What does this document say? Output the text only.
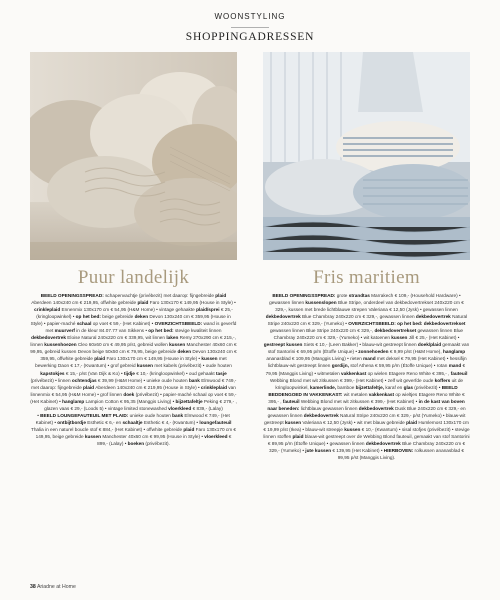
WOONSTYLING
SHOPPINGADRESSEN
Puur landelijk

BEELD OPENINGSSPREAD: schapenvachtje (privébezit) met daarop: fijngebreide plaid Aberdeen 140x240 cm € 219,95, offwhite gebreide plaid Faro 130x170 € 149,95 (House in Style) • crinkleplaid Ennenmix 130x170 cm € 54,95 (H&M Home) • vintage gehaakte plaid/sprei € 25,- (kringloopwinkel) • op het bed: beige gebreide deken Devon 130x240 cm € 359,95 (House in Style) • papier-maché schaal op voet € 59,- (Het Kabinet) • OVERZICHTSBEELD: wand is geverfd met muurverf in de kleur 84.07.77 van Sikkens • op het bed: stevige kwaliteit linnen dekbedovertrek Eloise Natural 240x220 cm € 339,95, wit linnen laken Remy 270x290 cm € 215,-, linnen kussenhoezen Cleo 60x60 cm € 49,95 p/st, gebreid wollen kussen Manchester 40x60 cm € 99,95, gebreid kussen Devon beige 50x50 cm € 79,95, beige gebreide deken Devon 130x240 cm € 359,95, offwhite gebreide plaid Faro 130x170 cm € 149,95 (House in Style) • kussen met bewerking Daon € 17,- (Kwantum) • grof gebreid kussen met kabels (privébezit) • oude houten kapstokjes € 15,- p/st (Van Dijk & Ko) • tijdje € 10,- (kringloopwinkel) • oud gehaakt tasje (privébezit) • linnen ochtendjas € 39,99 (H&M Home) • unieke oude houten bank Elmwood € 749,- met daarop: fijngebreide plaid Aberdeen 140x240 cm € 219,95 (House in Style) • crinkleplaid van linnenmix € 54,95 (H&M Home) • grof linnen doek (privébezit) • papier-maché schaal op voet € 59,- (Het Kabinet) • hanglamp Lampion Cotton € 95,35 (Manggis Living) • bijzettafeltje Peking € 279,- , glazen vaas € 29,- (Loods 5) • vintage limited stonewashed vloerkleed € 839,- (Lalay)

• BEELD LOUNGEFAUTEUIL MET PLAID: unieke oude houten bank Elmwood € 749,- (Het Kabinet) • ontbijtbordje Esthetic € 6,- en schaaltje Esthetic € 4,- (Kwantum) • loungefauteuil Thalia in een naturel boucle stof € 884,- (Het Kabinet) • offwhite gebreide plaid Faro 130x170 cm € 149,95, beige gebreide kussen Manchester 40x60 cm € 99,95 (House in Style) • vloerkleed € 899,- (Lalay) • boeken (privébezit).

Fris maritiem

BEELD OPENINGSSPREAD: grote strandtas Marrakech € 109,- (Household Hardware) • gewassen linnen kussenslopen Blue Stripe, onderdeel van dekbedovertrekset 240x220 cm € 329,-, kussen met brede lichtblauwe strepen Valeriana € 12,50 (Jysk) • gewassen linnen dekbedovertrek Blue Chambray 240x220 cm € 329,-, gewassen linnen dekbedovertrek Natural Stripe 240x220 cm € 329,- (Yumeko) • OVERZICHTSBEELD: op het bed: dekbedovertrekset gewassen linnen Blue Stripe 240x220 cm € 329,-, dekbedovertrekset gewassen linnen Blue Chambray 240x220 cm € 329,- (Yumeko) • wit katoenen kussen Jill € 25,- (Het Kabinet) • gestreept kussen Siets € 10,- (Leen Bakker) • blauw-wit gestreept linnen doek/plaid gemaakt van stof Santorini € 69,95 p/m (Étoffe Unique) • zonnehoeden € 9,99 p/st (H&M Home), hanglamp ananasblad € 109,95 (Manggis Living) • rieten mand met deksel € 79,95 (Het Kabinet) • hessifijn lichtblauw-wit gestreept linnen gordijn, stof Athena € 59,95 p/m (Étoffe Unique) • rotan mand € 79,95 (Manggis Living) • witmetalen vakkenkast op wielen Etagere Reno White € 395,- , fauteuil Webbing Blond met wit zitkussen € 399,- (Het Kabinet) • zelf wit geverfde oude koffers uit de kringloopwinkel, kamerlinde, bamboe bijzettafeltje, karaf en glas (privébezit) • BEELD BEDDENGOED IN VAKKENKAST: wit metalen vakkenkast op wieltjes Etagere Reno White € 395,- , fauteuil Webbing Blond met wit zitkussen € 399,- (Het Kabinet) • in de kast van boven naar beneden: lichtblauw gewassen linnen dekbedovertrek Dusk Blue 240x220 cm € 329,- en gewassen linnen dekbedovertrek Natural Stripe 240x220 cm € 329,- p/st (Yumeko) • blauw-wit gestreept kussen Valeriana € 12,50 (Jysk) • wit met blauw gebreide plaid Humlemost 130x170 cm € 19,99 p/st (Ikea) • blauw-wit streepje kussen € 10,- (Kwantum) • sisal stofjes (privébezit) • stevige linnen stoffen plaid blauw-wit gestreept over de Webbing Blond fauteuil, gemaakt van stof Santorini € 89,95 p/m (Étoffe Unique) • gewassen linnen dekbedovertrek Blue Chambray 240x220 cm € 329,- (Yumeko) • jute kussen € 139,95 (Het Kabinet) • HIERBOVEN: rolkussen ananasblad € 99,95 p/st (Manggis Living).

38 Ariadne at Home
